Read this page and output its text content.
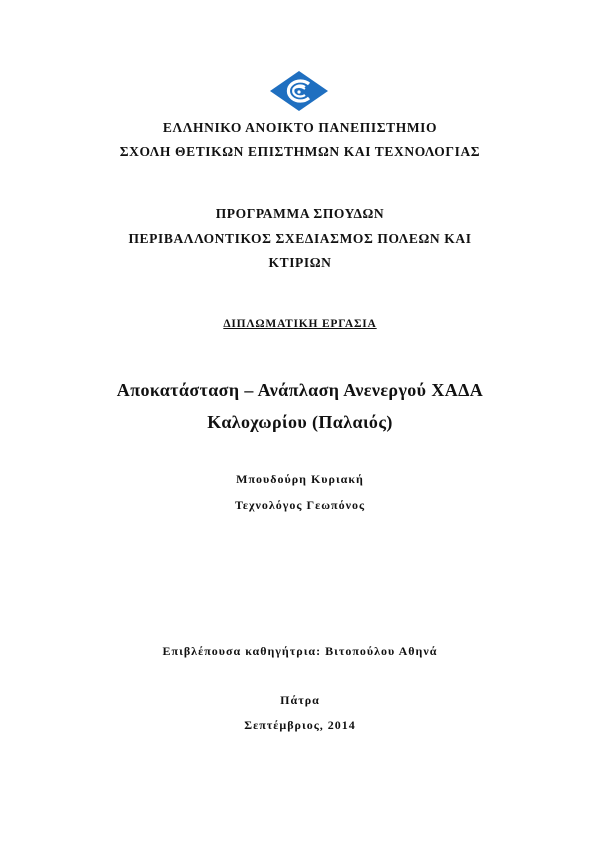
ΕΛΛΗΝΙΚΟ ΑΝΟΙΚΤΟ ΠΑΝΕΠΙΣΤΗΜΙΟ
ΣΧΟΛΗ ΘΕΤΙΚΩΝ ΕΠΙΣΤΗΜΩΝ ΚΑΙ ΤΕΧΝΟΛΟΓΙΑΣ
ΠΡΟΓΡΑΜΜΑ ΣΠΟΥΔΩΝ
ΠΕΡΙΒΑΛΛΟΝΤΙΚΟΣ ΣΧΕΔΙΑΣΜΟΣ ΠΟΛΕΩΝ ΚΑΙ
ΚΤΙΡΙΩΝ
ΔΙΠΛΩΜΑΤΙΚΗ ΕΡΓΑΣΙΑ
Αποκατάσταση – Ανάπλαση Ανενεργού ΧΑΔΑ
Καλοχωρίου (Παλαιός)
Μπουδούρη Κυριακή
Τεχνολόγος Γεωπόνος
Επιβλέπουσα καθηγήτρια: Βιτοπούλου Αθηνά
Πάτρα
Σεπτέμβριος, 2014
